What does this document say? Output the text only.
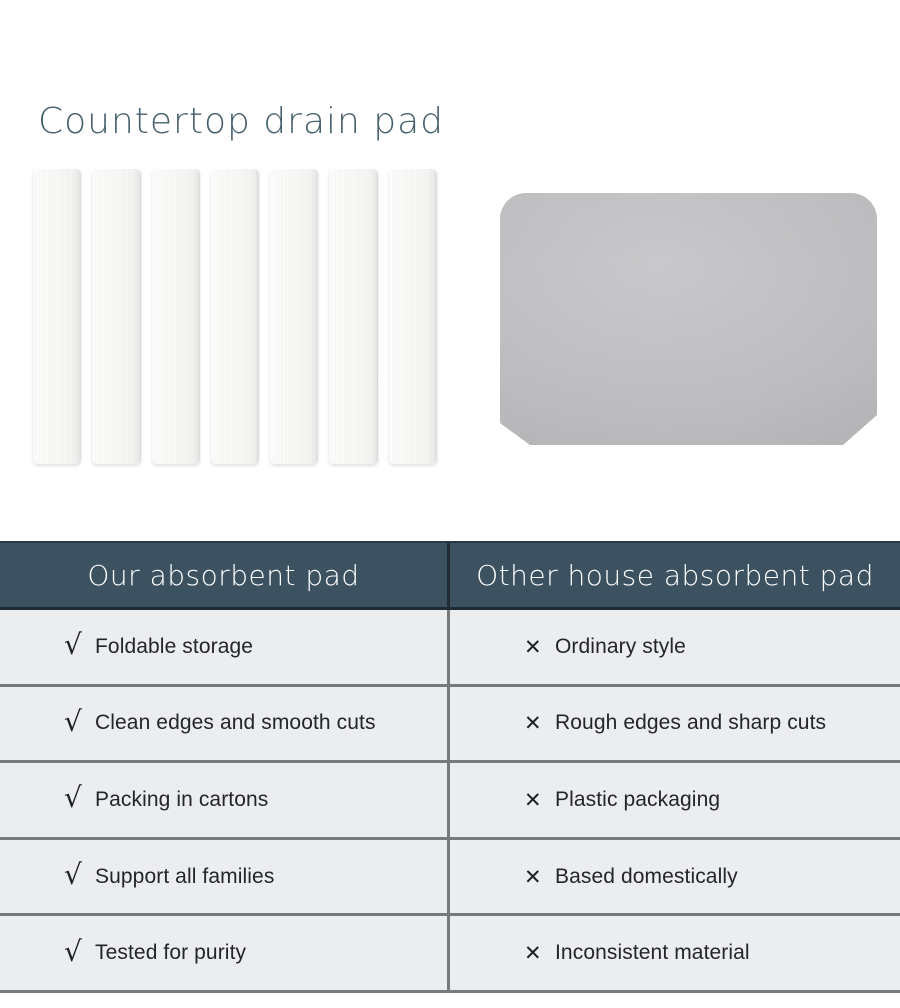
Countertop drain pad
Our absorbent pad	Other house absorbent pad
√ Foldable storage	✕ Ordinary style
√ Clean edges and smooth cuts	✕ Rough edges and sharp cuts
√ Packing in cartons	✕ Plastic packaging
√ Support all families	✕ Based domestically
√ Tested for purity	✕ Inconsistent material
